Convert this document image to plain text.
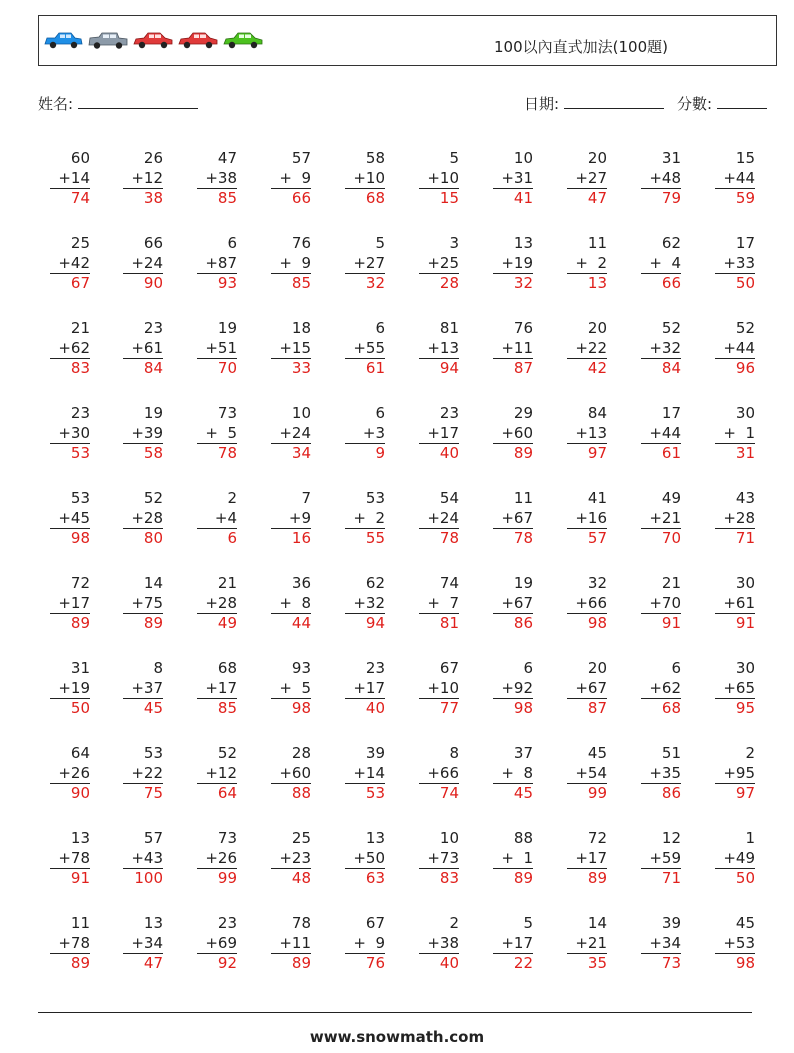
100以內直式加法(100題)
姓名:	日期:	分數:
60
+14
74
26
+12
38
47
+38
85
57
+  9
66
58
+10
68
5
+10
15
10
+31
41
20
+27
47
31
+48
79
15
+44
59
25
+42
67
66
+24
90
6
+87
93
76
+  9
85
5
+27
32
3
+25
28
13
+19
32
11
+  2
13
62
+  4
66
17
+33
50
21
+62
83
23
+61
84
19
+51
70
18
+15
33
6
+55
61
81
+13
94
76
+11
87
20
+22
42
52
+32
84
52
+44
96
23
+30
53
19
+39
58
73
+  5
78
10
+24
34
6
+3
9
23
+17
40
29
+60
89
84
+13
97
17
+44
61
30
+  1
31
53
+45
98
52
+28
80
2
+4
6
7
+9
16
53
+  2
55
54
+24
78
11
+67
78
41
+16
57
49
+21
70
43
+28
71
72
+17
89
14
+75
89
21
+28
49
36
+  8
44
62
+32
94
74
+  7
81
19
+67
86
32
+66
98
21
+70
91
30
+61
91
31
+19
50
8
+37
45
68
+17
85
93
+  5
98
23
+17
40
67
+10
77
6
+92
98
20
+67
87
6
+62
68
30
+65
95
64
+26
90
53
+22
75
52
+12
64
28
+60
88
39
+14
53
8
+66
74
37
+  8
45
45
+54
99
51
+35
86
2
+95
97
13
+78
91
57
+43
100
73
+26
99
25
+23
48
13
+50
63
10
+73
83
88
+  1
89
72
+17
89
12
+59
71
1
+49
50
11
+78
89
13
+34
47
23
+69
92
78
+11
89
67
+  9
76
2
+38
40
5
+17
22
14
+21
35
39
+34
73
45
+53
98
www.snowmath.com
